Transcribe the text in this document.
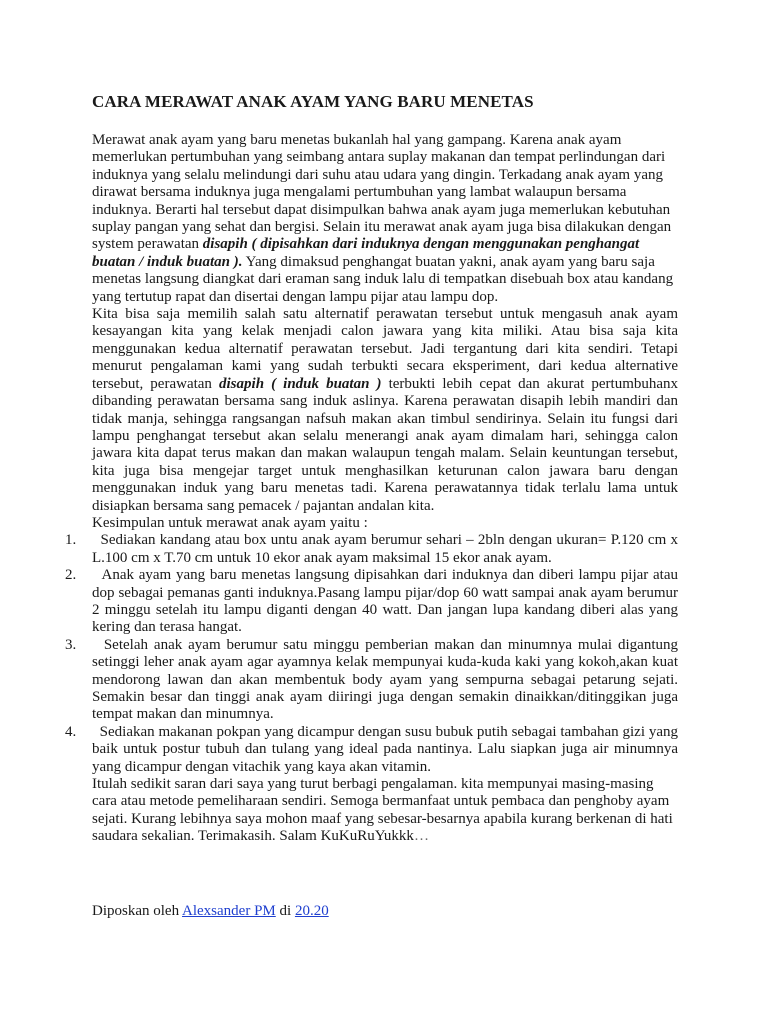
CARA MERAWAT ANAK AYAM YANG BARU MENETAS

Merawat anak ayam yang baru menetas bukanlah hal yang gampang. Karena anak ayam memerlukan pertumbuhan yang seimbang antara suplay makanan dan tempat perlindungan dari induknya yang selalu melindungi dari suhu atau udara yang dingin. Terkadang anak ayam yang dirawat bersama induknya juga mengalami pertumbuhan yang lambat walaupun bersama induknya. Berarti hal tersebut dapat disimpulkan bahwa anak ayam juga memerlukan kebutuhan suplay pangan yang sehat dan bergisi. Selain itu merawat anak ayam juga bisa dilakukan dengan system perawatan disapih ( dipisahkan dari induknya dengan menggunakan penghangat buatan / induk buatan ). Yang dimaksud penghangat buatan yakni, anak ayam yang baru saja menetas langsung diangkat dari eraman sang induk lalu di tempatkan disebuah box atau kandang yang tertutup rapat dan disertai dengan lampu pijar atau lampu dop.

Kita bisa saja memilih salah satu alternatif perawatan tersebut untuk mengasuh anak ayam kesayangan kita yang kelak menjadi calon jawara yang kita miliki. Atau bisa saja kita menggunakan kedua alternatif perawatan tersebut. Jadi tergantung dari kita sendiri. Tetapi menurut pengalaman kami yang sudah terbukti secara eksperiment, dari kedua alternative tersebut, perawatan disapih ( induk buatan ) terbukti lebih cepat dan akurat pertumbuhanx dibanding perawatan bersama sang induk aslinya. Karena perawatan disapih lebih mandiri dan tidak manja, sehingga rangsangan nafsuh makan akan timbul sendirinya. Selain itu fungsi dari lampu penghangat tersebut akan selalu menerangi anak ayam dimalam hari, sehingga calon jawara kita dapat terus makan dan makan walaupun tengah malam. Selain keuntungan tersebut, kita juga bisa mengejar target untuk menghasilkan keturunan calon jawara baru dengan menggunakan induk yang baru menetas tadi. Karena perawatannya tidak terlalu lama untuk disiapkan bersama sang pemacek / pajantan andalan kita.

Kesimpulan untuk merawat anak ayam yaitu :

1. Sediakan kandang atau box untu anak ayam berumur sehari – 2bln dengan ukuran= P.120 cm x L.100 cm x T.70 cm untuk 10 ekor anak ayam maksimal 15 ekor anak ayam.
2. Anak ayam yang baru menetas langsung dipisahkan dari induknya dan diberi lampu pijar atau dop sebagai pemanas ganti induknya.Pasang lampu pijar/dop 60 watt sampai anak ayam berumur 2 minggu setelah itu lampu diganti dengan 40 watt. Dan jangan lupa kandang diberi alas yang kering dan terasa hangat.
3. Setelah anak ayam berumur satu minggu pemberian makan dan minumnya mulai digantung setinggi leher anak ayam agar ayamnya kelak mempunyai kuda-kuda kaki yang kokoh,akan kuat mendorong lawan dan akan membentuk body ayam yang sempurna sebagai petarung sejati. Semakin besar dan tinggi anak ayam diiringi juga dengan semakin dinaikkan/ditinggikan juga tempat makan dan minumnya.
4. Sediakan makanan pokpan yang dicampur dengan susu bubuk putih sebagai tambahan gizi yang baik untuk postur tubuh dan tulang yang ideal pada nantinya. Lalu siapkan juga air minumnya yang dicampur dengan vitachik yang kaya akan vitamin.

Itulah sedikit saran dari saya yang turut berbagi pengalaman. kita mempunyai masing-masing cara atau metode pemeliharaan sendiri. Semoga bermanfaat untuk pembaca dan penghoby ayam sejati. Kurang lebihnya saya mohon maaf yang sebesar-besarnya apabila kurang berkenan di hati saudara sekalian. Terimakasih. Salam KuKuRuYukkk…

Diposkan oleh Alexsander PM di 20.20
